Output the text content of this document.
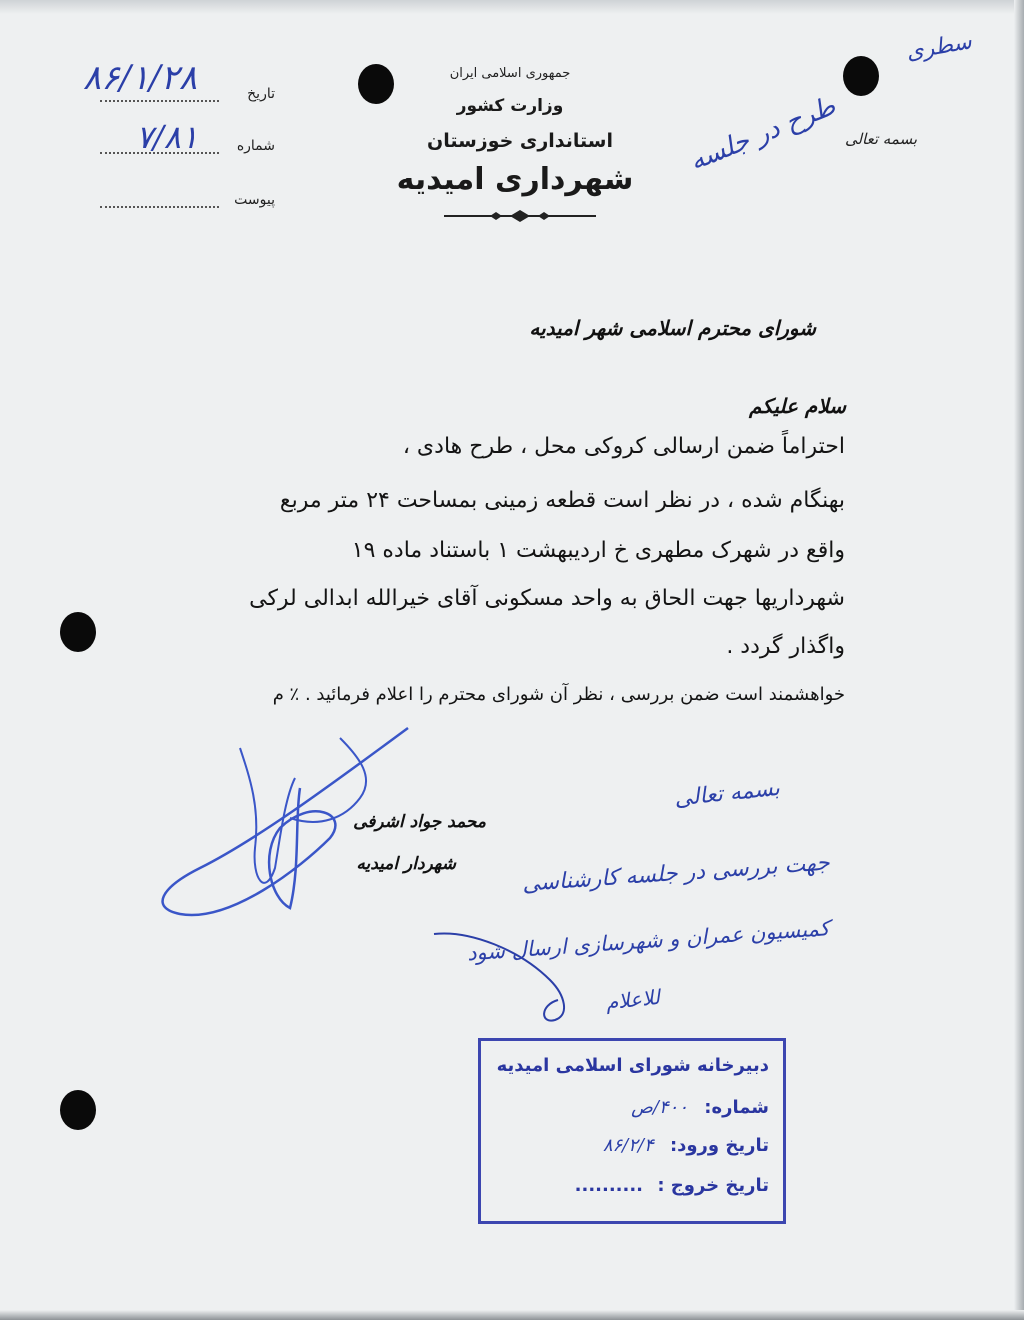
جمهوری اسلامی ایران
وزارت کشور
استانداری خوزستان
شهرداری امیدیه
بسمه تعالی
تاریخ
شماره
پیوست
۸۶/۱/۲۸
۷/۸۱	طرح در جلسه
سطری
شورای محترم اسلامی شهر امیدیه
سلام علیکم
احتراماً ضمن ارسالی کروکی محل ، طرح هادی ،
بهنگام شده ، در نظر است قطعه زمینی بمساحت ۲۴ متر مربع
واقع در شهرک مطهری خ اردیبهشت ۱ باستناد ماده ۱۹
شهرداریها جهت الحاق به واحد مسکونی آقای خیرالله ابدالی لرکی
واگذار گردد .
خواهشمند است ضمن بررسی ، نظر آن شورای محترم را اعلام فرمائید . ٪ م
محمد جواد اشرفی
شهردار امیدیه
بسمه تعالی
جهت بررسی در جلسه کارشناسی
کمیسیون عمران و شهرسازی ارسال شود
للاعلام
دبیرخانه شورای اسلامی امیدیه
شماره: ۴۰۰/ص
تاریخ ورود: ۸۶/۲/۴
تاریخ خروج : ..........
